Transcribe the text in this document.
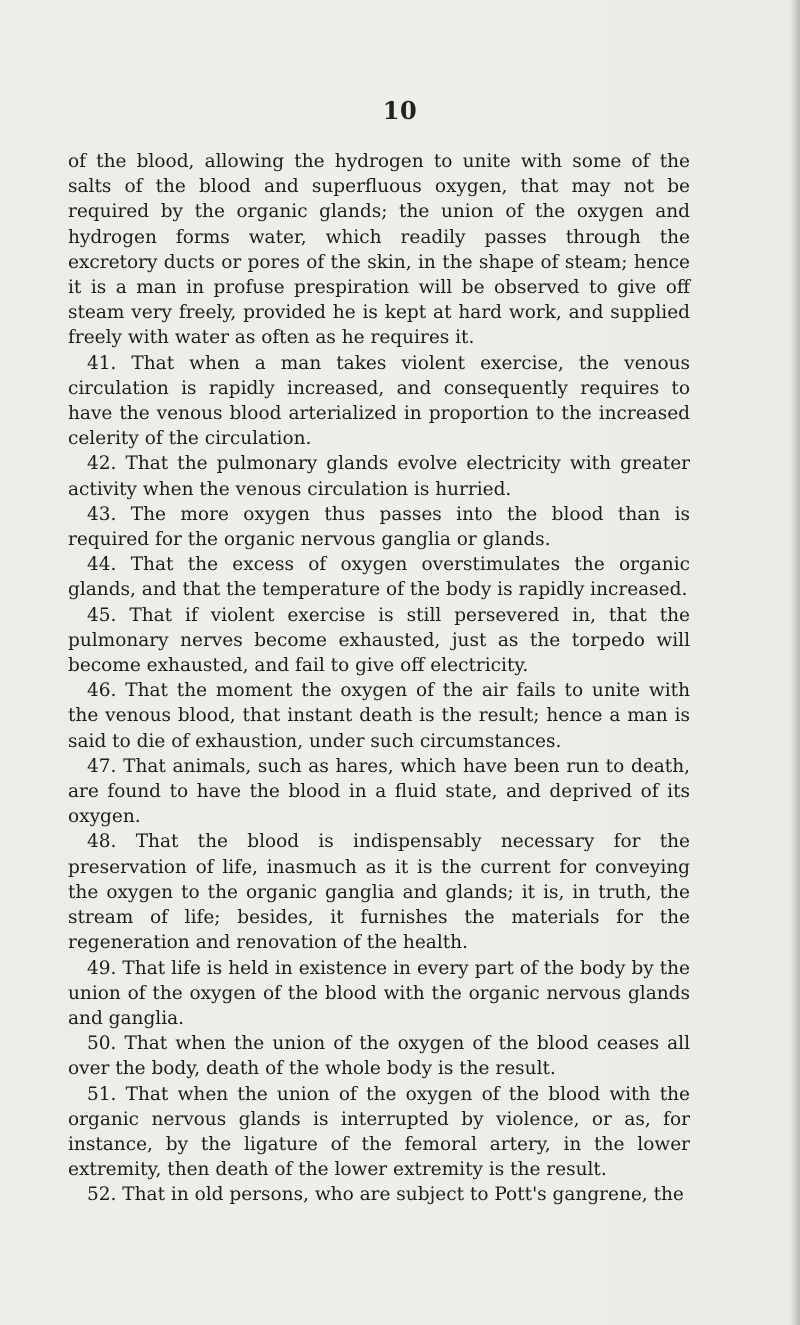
10

of the blood, allowing the hydrogen to unite with some of the salts of the blood and superfluous oxygen, that may not be required by the organic glands; the union of the oxygen and hydrogen forms water, which readily passes through the excretory ducts or pores of the skin, in the shape of steam; hence it is a man in profuse prespiration will be observed to give off steam very freely, provided he is kept at hard work, and supplied freely with water as often as he requires it.

41. That when a man takes violent exercise, the venous circulation is rapidly increased, and consequently requires to have the venous blood arterialized in proportion to the increased celerity of the circulation.

42. That the pulmonary glands evolve electricity with greater activity when the venous circulation is hurried.

43. The more oxygen thus passes into the blood than is required for the organic nervous ganglia or glands.

44. That the excess of oxygen overstimulates the organic glands, and that the temperature of the body is rapidly increased.

45. That if violent exercise is still persevered in, that the pulmonary nerves become exhausted, just as the torpedo will become exhausted, and fail to give off electricity.

46. That the moment the oxygen of the air fails to unite with the venous blood, that instant death is the result; hence a man is said to die of exhaustion, under such circumstances.

47. That animals, such as hares, which have been run to death, are found to have the blood in a fluid state, and deprived of its oxygen.

48. That the blood is indispensably necessary for the preservation of life, inasmuch as it is the current for conveying the oxygen to the organic ganglia and glands; it is, in truth, the stream of life; besides, it furnishes the materials for the regeneration and renovation of the health.

49. That life is held in existence in every part of the body by the union of the oxygen of the blood with the organic nervous glands and ganglia.

50. That when the union of the oxygen of the blood ceases all over the body, death of the whole body is the result.

51. That when the union of the oxygen of the blood with the organic nervous glands is interrupted by violence, or as, for instance, by the ligature of the femoral artery, in the lower extremity, then death of the lower extremity is the result.

52. That in old persons, who are subject to Pott's gangrene, the
